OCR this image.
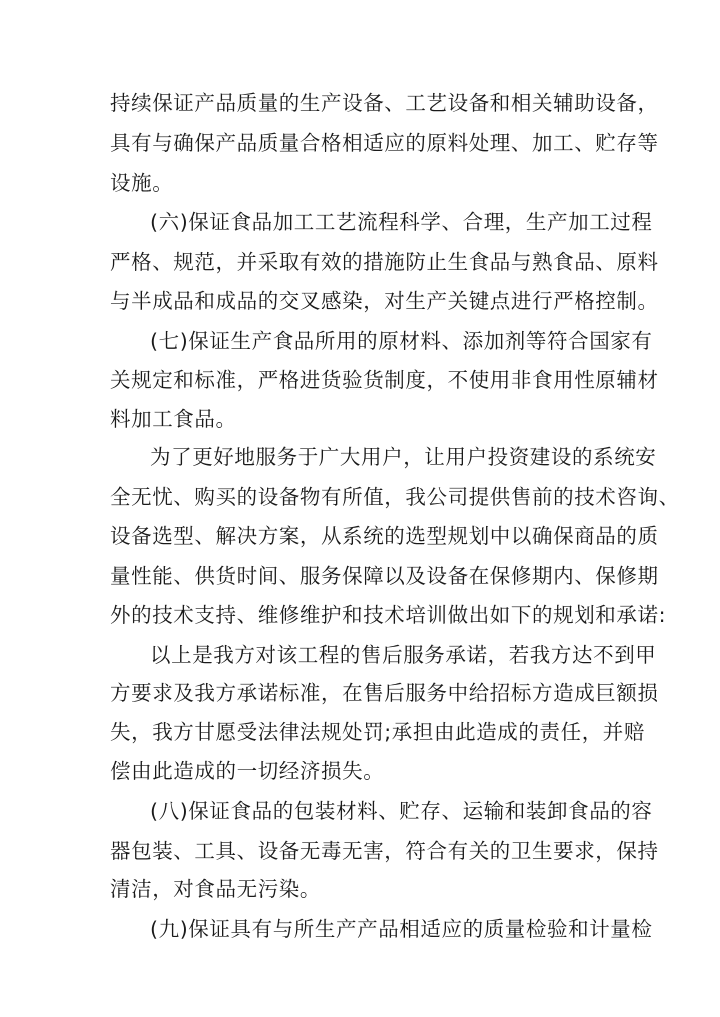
持续保证产品质量的生产设备、工艺设备和相关辅助设备，
具有与确保产品质量合格相适应的原料处理、加工、贮存等
设施。
(六)保证食品加工工艺流程科学、合理，生产加工过程
严格、规范，并采取有效的措施防止生食品与熟食品、原料
与半成品和成品的交叉感染，对生产关键点进行严格控制。
(七)保证生产食品所用的原材料、添加剂等符合国家有
关规定和标准，严格进货验货制度，不使用非食用性原辅材
料加工食品。
为了更好地服务于广大用户，让用户投资建设的系统安
全无忧、购买的设备物有所值，我公司提供售前的技术咨询、
设备选型、解决方案，从系统的选型规划中以确保商品的质
量性能、供货时间、服务保障以及设备在保修期内、保修期
外的技术支持、维修维护和技术培训做出如下的规划和承诺:
以上是我方对该工程的售后服务承诺，若我方达不到甲
方要求及我方承诺标准，在售后服务中给招标方造成巨额损
失，我方甘愿受法律法规处罚;承担由此造成的责任，并赔
偿由此造成的一切经济损失。
(八)保证食品的包装材料、贮存、运输和装卸食品的容
器包装、工具、设备无毒无害，符合有关的卫生要求，保持
清洁，对食品无污染。
(九)保证具有与所生产产品相适应的质量检验和计量检
